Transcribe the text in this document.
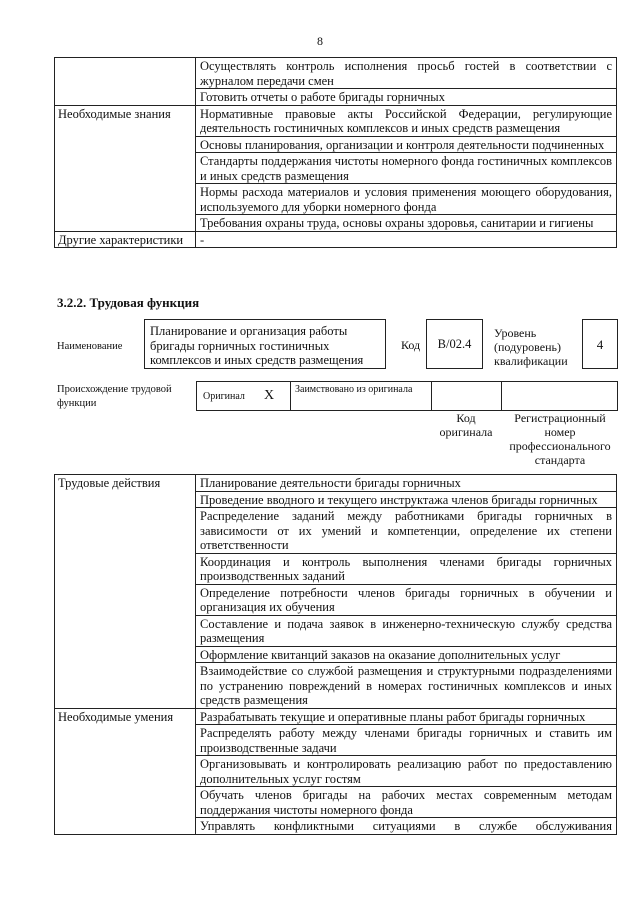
8
	Осуществлять контроль исполнения просьб гостей в соответствии с журналом передачи смен
	Готовить отчеты о работе бригады горничных
Необходимые знания	Нормативные правовые акты Российской Федерации, регулирующие деятельность гостиничных комплексов и иных средств размещения
	Основы планирования, организации и контроля деятельности подчиненных
	Стандарты поддержания чистоты номерного фонда гостиничных комплексов и иных средств размещения
	Нормы расхода материалов и условия применения моющего оборудования, используемого для уборки номерного фонда
	Требования охраны труда, основы охраны здоровья, санитарии и гигиены
Другие характеристики	-
3.2.2. Трудовая функция
Наименование
Планирование и организация работы бригады горничных гостиничных комплексов и иных средств размещения
Код	B/02.4
Уровень (подуровень) квалификации
4
Происхождение трудовой функции
Оригинал X Заимствовано из оригинала
Код оригинала
Регистрационный номер профессионального стандарта
Трудовые действия	Планирование деятельности бригады горничных
	Проведение вводного и текущего инструктажа членов бригады горничных
	Распределение заданий между работниками бригады горничных в зависимости от их умений и компетенции, определение их степени ответственности
	Координация и контроль выполнения членами бригады горничных производственных заданий
	Определение потребности членов бригады горничных в обучении и организация их обучения
	Составление и подача заявок в инженерно-техническую службу средства размещения
	Оформление квитанций заказов на оказание дополнительных услуг
	Взаимодействие со службой размещения и структурными подразделениями по устранению повреждений в номерах гостиничных комплексов и иных средств размещения
Необходимые умения	Разрабатывать текущие и оперативные планы работ бригады горничных
	Распределять работу между членами бригады горничных и ставить им производственные задачи
	Организовывать и контролировать реализацию работ по предоставлению дополнительных услуг гостям
	Обучать членов бригады на рабочих местах современным методам поддержания чистоты номерного фонда
	Управлять конфликтными ситуациями в службе обслуживания
